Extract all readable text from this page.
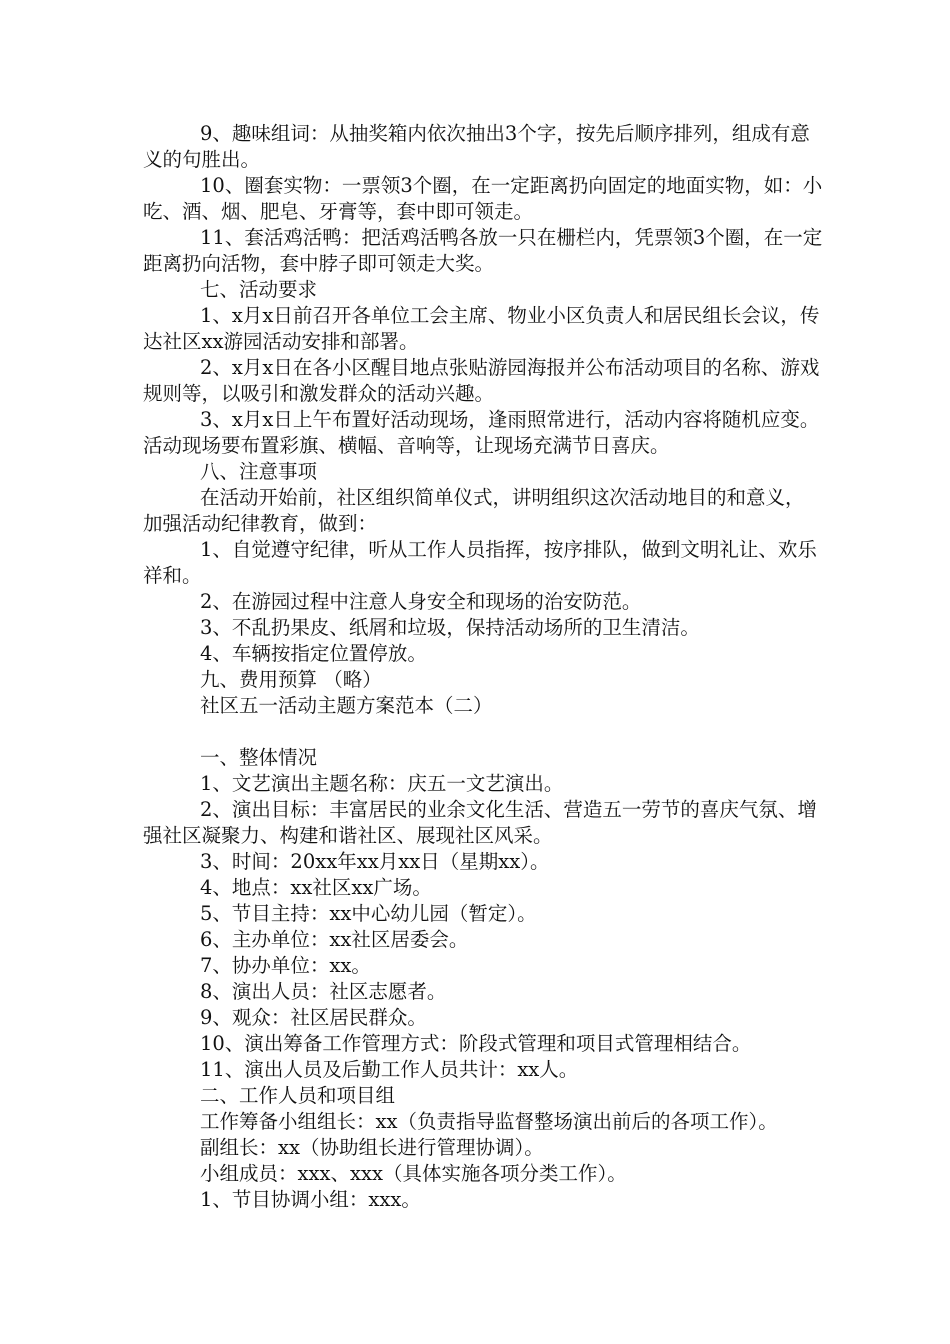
9、趣味组词：从抽奖箱内依次抽出3个字，按先后顺序排列，组成有意义的句胜出。

10、圈套实物：一票领3个圈，在一定距离扔向固定的地面实物，如：小吃、酒、烟、肥皂、牙膏等，套中即可领走。

11、套活鸡活鸭：把活鸡活鸭各放一只在栅栏内，凭票领3个圈，在一定距离扔向活物，套中脖子即可领走大奖。

七、活动要求

1、x月x日前召开各单位工会主席、物业小区负责人和居民组长会议，传达社区xx游园活动安排和部署。

2、x月x日在各小区醒目地点张贴游园海报并公布活动项目的名称、游戏规则等，以吸引和激发群众的活动兴趣。

3、x月x日上午布置好活动现场，逢雨照常进行，活动内容将随机应变。活动现场要布置彩旗、横幅、音响等，让现场充满节日喜庆。

八、注意事项

在活动开始前，社区组织简单仪式，讲明组织这次活动地目的和意义，加强活动纪律教育，做到：

1、自觉遵守纪律，听从工作人员指挥，按序排队，做到文明礼让、欢乐祥和。

2、在游园过程中注意人身安全和现场的治安防范。

3、不乱扔果皮、纸屑和垃圾，保持活动场所的卫生清洁。

4、车辆按指定位置停放。

九、费用预算 （略）

社区五一活动主题方案范本（二）

一、整体情况

1、文艺演出主题名称：庆五一文艺演出。

2、演出目标：丰富居民的业余文化生活、营造五一劳节的喜庆气氛、增强社区凝聚力、构建和谐社区、展现社区风采。

3、时间：20xx年xx月xx日（星期xx）。

4、地点：xx社区xx广场。

5、节目主持：xx中心幼儿园（暂定）。

6、主办单位：xx社区居委会。

7、协办单位：xx。

8、演出人员：社区志愿者。

9、观众：社区居民群众。

10、演出筹备工作管理方式：阶段式管理和项目式管理相结合。

11、演出人员及后勤工作人员共计：xx人。

二、工作人员和项目组

工作筹备小组组长：xx（负责指导监督整场演出前后的各项工作）。

副组长：xx（协助组长进行管理协调）。

小组成员：xxx、xxx（具体实施各项分类工作）。

1、节目协调小组：xxx。
